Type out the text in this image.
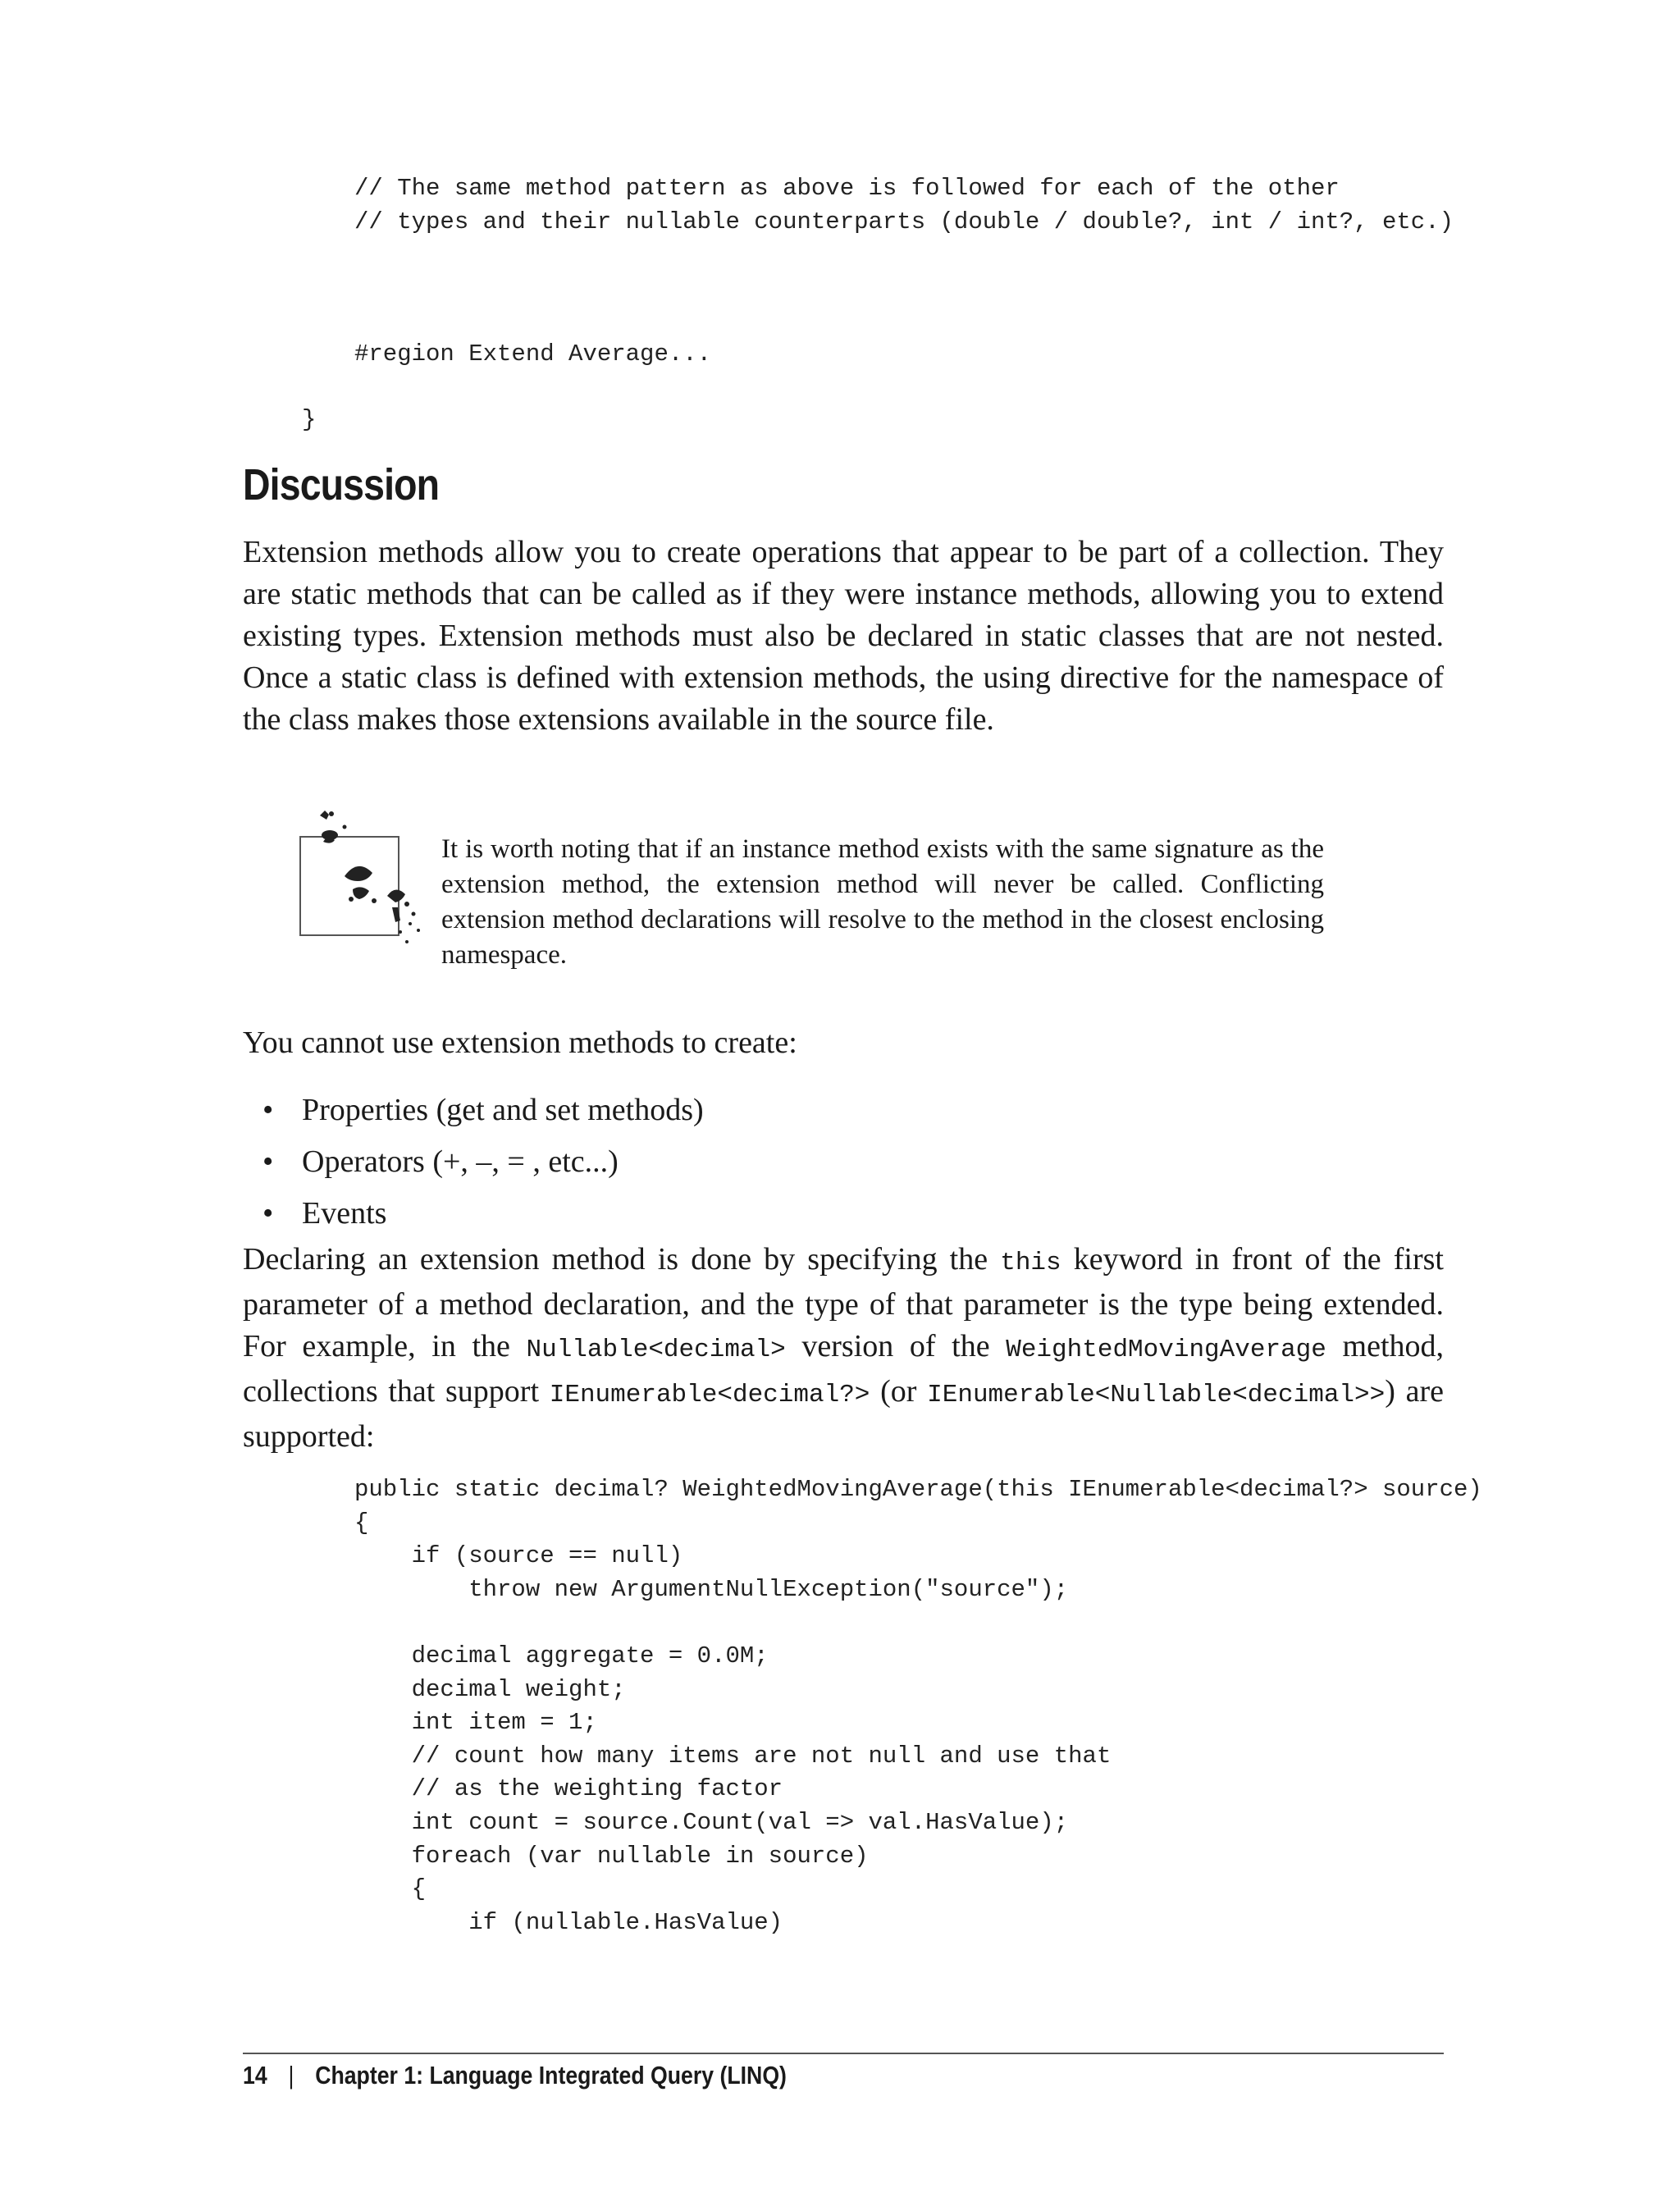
// The same method pattern as above is followed for each of the other
// types and their nullable counterparts (double / double?, int / int?, etc.)
#region Extend Average...
}
Discussion

Extension methods allow you to create operations that appear to be part of a collection. They are static methods that can be called as if they were instance methods, allowing you to extend existing types. Extension methods must also be declared in static classes that are not nested. Once a static class is defined with extension methods, the using directive for the namespace of the class makes those extensions available in the source file.

It is worth noting that if an instance method exists with the same signature as the extension method, the extension method will never be called. Conflicting extension method declarations will resolve to the method in the closest enclosing namespace.

You cannot use extension methods to create:

• Properties (get and set methods)
• Operators (+, –, = , etc...)
• Events

Declaring an extension method is done by specifying the this keyword in front of the first parameter of a method declaration, and the type of that parameter is the type being extended. For example, in the Nullable<decimal> version of the WeightedMovingAverage method, collections that support IEnumerable<decimal?> (or IEnumerable<Nullable<decimal>>) are supported:

public static decimal? WeightedMovingAverage(this IEnumerable<decimal?> source)
{
if (source == null)
throw new ArgumentNullException("source");

decimal aggregate = 0.0M;
decimal weight;
int item = 1;
// count how many items are not null and use that
// as the weighting factor
int count = source.Count(val => val.HasValue);
foreach (var nullable in source)
{
if (nullable.HasValue)
14 | Chapter 1: Language Integrated Query (LINQ)
